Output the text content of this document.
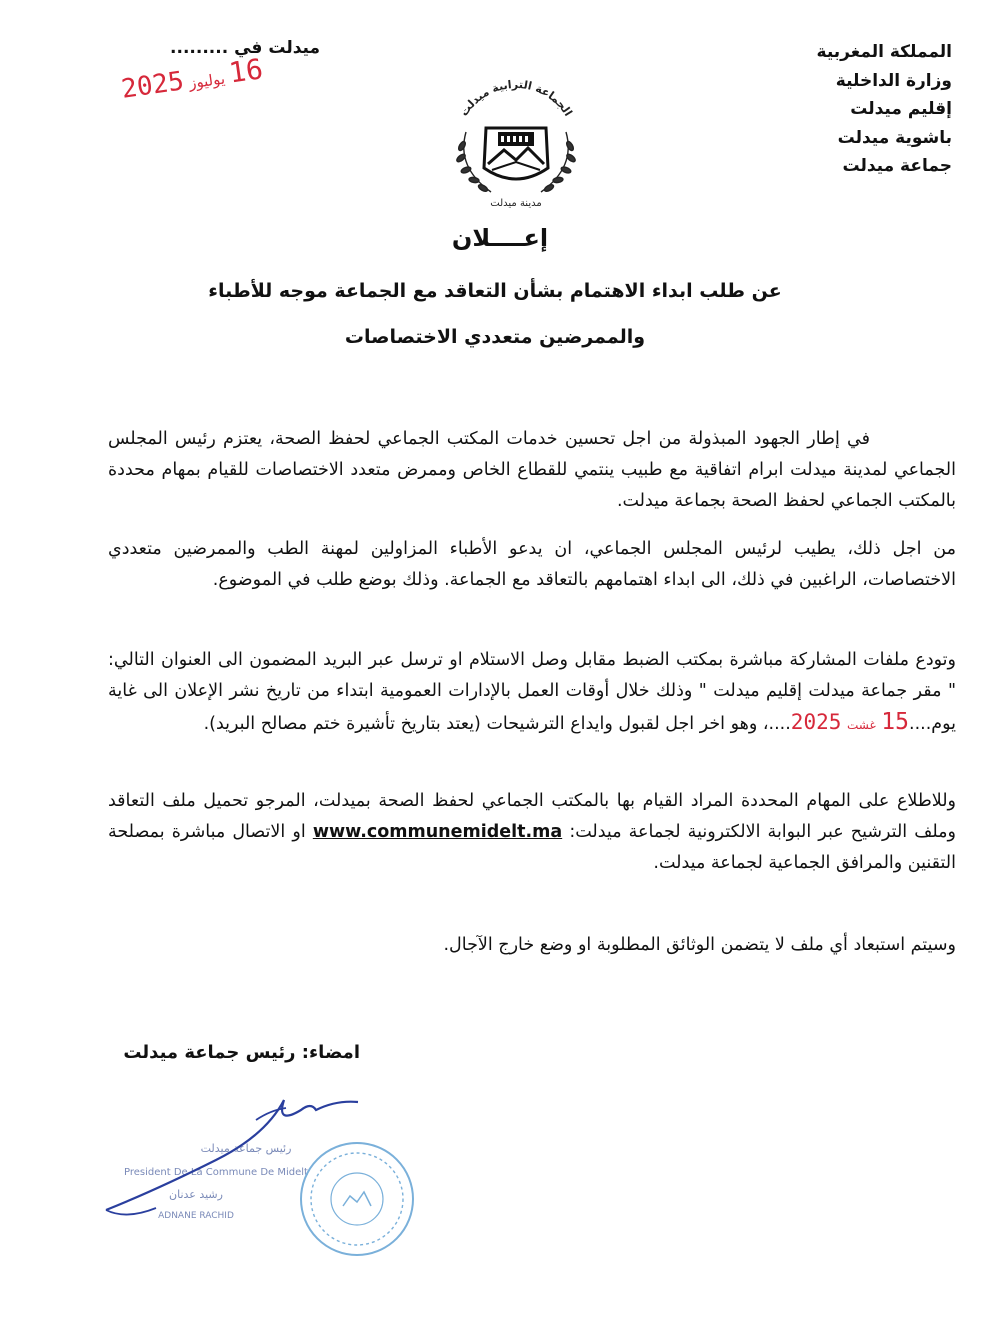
المملكة المغربية
وزارة الداخلية
إقليم ميدلت
باشوية ميدلت
جماعة ميدلت
ميدلت في .........
16 يوليوز 2025
الجماعة الترابية ميدلت
مدينة ميدلت
إعــــلان
عن طلب ابداء الاهتمام بشأن التعاقد مع الجماعة موجه للأطباء
والممرضين متعددي الاختصاصات

في إطار الجهود المبذولة من اجل تحسين خدمات المكتب الجماعي لحفظ الصحة، يعتزم رئيس المجلس الجماعي لمدينة ميدلت ابرام اتفاقية مع طبيب ينتمي للقطاع الخاص وممرض متعدد الاختصاصات للقيام بمهام محددة بالمكتب الجماعي لحفظ الصحة بجماعة ميدلت.

من اجل ذلك، يطيب لرئيس المجلس الجماعي، ان يدعو الأطباء المزاولين لمهنة الطب والممرضين متعددي الاختصاصات، الراغبين في ذلك، الى ابداء اهتمامهم بالتعاقد مع الجماعة. وذلك بوضع طلب في الموضوع.

وتودع ملفات المشاركة مباشرة بمكتب الضبط مقابل وصل الاستلام او ترسل عبر البريد المضمون الى العنوان التالي: " مقر جماعة ميدلت إقليم ميدلت " وذلك خلال أوقات العمل بالإدارات العمومية ابتداء من تاريخ نشر الإعلان الى غاية يوم....15 غشت 2025....، وهو اخر اجل لقبول وايداع الترشيحات (يعتد بتاريخ تأشيرة ختم مصالح البريد).

وللاطلاع على المهام المحددة المراد القيام بها بالمكتب الجماعي لحفظ الصحة بميدلت، المرجو تحميل ملف التعاقد وملف الترشيح عبر البوابة الالكترونية لجماعة ميدلت: www.communemidelt.ma او الاتصال مباشرة بمصلحة التقنين والمرافق الجماعية لجماعة ميدلت.

وسيتم استبعاد أي ملف لا يتضمن الوثائق المطلوبة او وضع خارج الآجال.

امضاء: رئيس جماعة ميدلت
رئيس جماعة ميدلت
President De La Commune De Midelt
رشيد عدنان
ADNANE RACHID
